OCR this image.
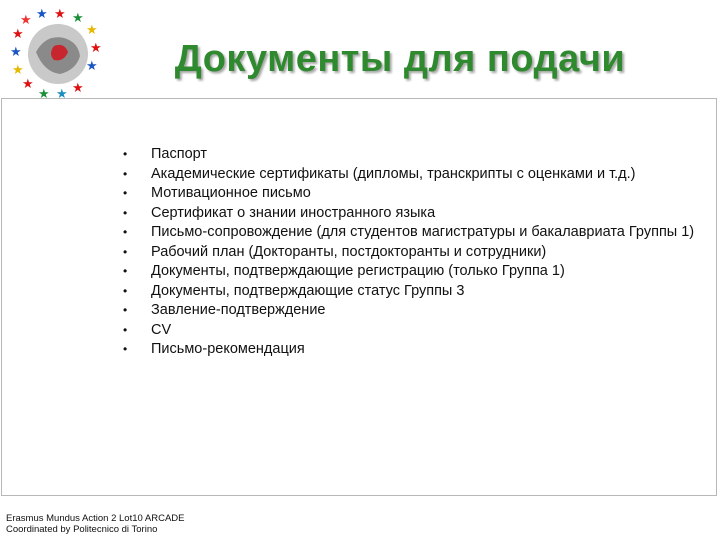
★
★ ★ ★ ★
★
★
★
★
★
★
★ ★ ★
Документы для подачи
• Паспорт
• Академические сертификаты (дипломы, транскрипты с оценками и т.д.)
• Мотивационное письмо
• Сертификат о знании иностранного языка
• Письмо-сопровождение (для студентов магистратуры и бакалавриата Группы 1)
• Рабочий план (Докторанты, постдокторанты и сотрудники)
• Документы, подтверждающие регистрацию (только Группа 1)
• Документы, подтверждающие статус Группы 3
• Завление-подтверждение
• CV
• Письмо-рекомендация
Erasmus Mundus Action 2 Lot10 ARCADE
Coordinated by Politecnico di Torino
